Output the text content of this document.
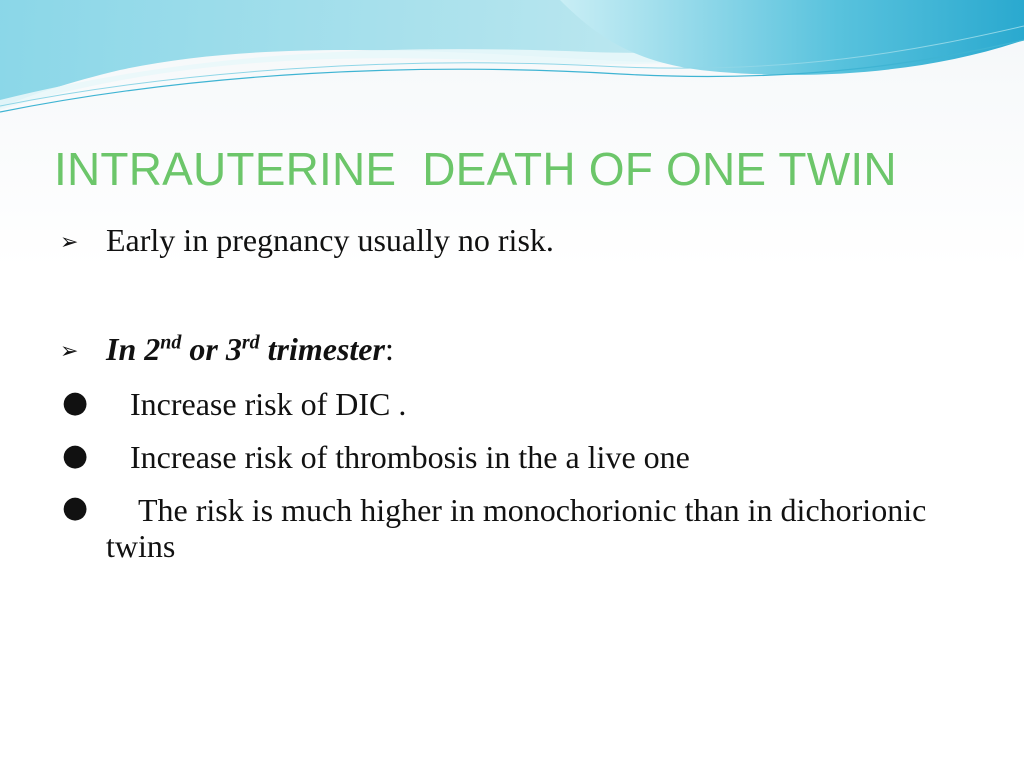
INTRAUTERINE  DEATH OF ONE TWIN
➢ Early in pregnancy usually no risk.
➢ In 2nd or 3rd trimester:
● Increase risk of DIC .
● Increase risk of thrombosis in the a live one
● The risk is much higher in monochorionic than in dichorionic twins
